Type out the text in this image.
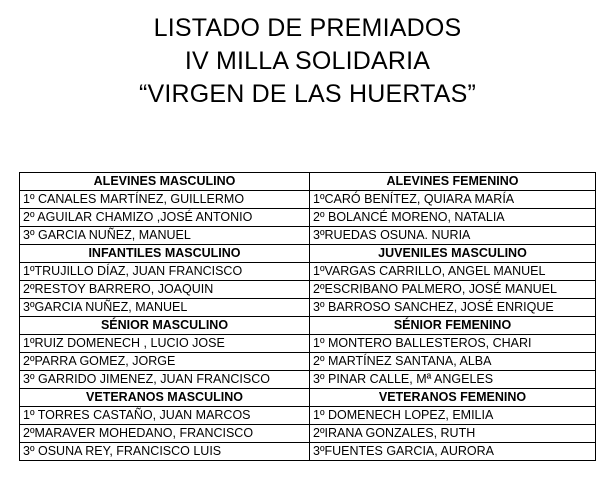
LISTADO DE PREMIADOS
IV MILLA SOLIDARIA
“VIRGEN DE LAS HUERTAS”
ALEVINES MASCULINO	ALEVINES FEMENINO
1º CANALES MARTÍNEZ, GUILLERMO	1ºCARÓ BENÍTEZ, QUIARA MARÍA
2º AGUILAR CHAMIZO ,JOSÉ ANTONIO	2º BOLANCÉ MORENO, NATALIA
3º GARCIA NUÑEZ, MANUEL	3ºRUEDAS OSUNA. NURIA
INFANTILES MASCULINO	JUVENILES MASCULINO
1ºTRUJILLO DÍAZ, JUAN FRANCISCO	1ºVARGAS CARRILLO, ANGEL MANUEL
2ºRESTOY BARRERO, JOAQUIN	2ºESCRIBANO PALMERO, JOSÉ MANUEL
3ºGARCIA NUÑEZ, MANUEL	3º BARROSO SANCHEZ, JOSÉ ENRIQUE
SÉNIOR MASCULINO	SÉNIOR FEMENINO
1ºRUIZ DOMENECH , LUCIO JOSE	1º MONTERO BALLESTEROS, CHARI
2ºPARRA GOMEZ, JORGE	2º MARTÍNEZ SANTANA, ALBA
3º GARRIDO JIMENEZ, JUAN FRANCISCO	3º PINAR CALLE, Mª ANGELES
VETERANOS MASCULINO	VETERANOS FEMENINO
1º TORRES CASTAÑO, JUAN MARCOS	1º DOMENECH LOPEZ, EMILIA
2ºMARAVER MOHEDANO, FRANCISCO	2ºIRANA GONZALES, RUTH
3º OSUNA REY, FRANCISCO LUIS	3ºFUENTES GARCIA, AURORA
